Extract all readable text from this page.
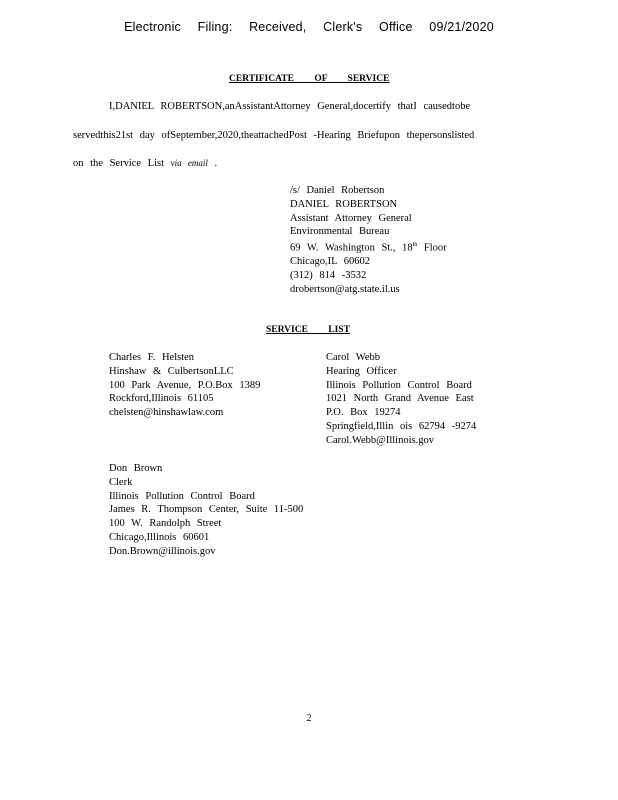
Electronic Filing: Received, Clerk's Office 09/21/2020
CERTIFICATE OF SERVICE
I,DANIEL ROBERTSON,anAssistantAttorney General,docertify thatI causedtobe
servedthis21st day ofSeptember,2020,theattachedPost -Hearing Briefupon thepersonslisted
on the Service List via email .
/s/ Daniel Robertson
DANIEL ROBERTSON
Assistant Attorney General
Environmental Bureau
69 W. Washington St., 18th Floor
Chicago,IL 60602
(312) 814 -3532
drobertson@atg.state.il.us
SERVICE LIST
Charles F. Helsten
Hinshaw & CulbertsonLLC
100 Park Avenue, P.O.Box 1389
Rockford,Illinois 61105
chelsten@hinshawlaw.com
Carol Webb
Hearing Officer
Illinois Pollution Control Board
1021 North Grand Avenue East
P.O. Box 19274
Springfield,Illin ois 62794 -9274
Carol.Webb@Illinois.gov
Don Brown
Clerk
Illinois Pollution Control Board
James R. Thompson Center, Suite 11-500
100 W. Randolph Street
Chicago,Illinois 60601
Don.Brown@illinois.gov
2
